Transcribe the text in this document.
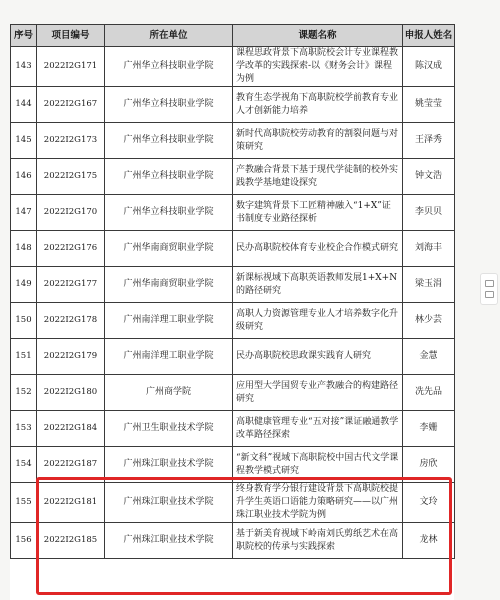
序号	项目编号	所在单位	课题名称	申报人姓名
143	2022I2G171	广州华立科技职业学院	课程思政背景下高职院校会计专业课程教学改革的实践探索-以《财务会计》课程为例	陈汉成
144	2022I2G167	广州华立科技职业学院	教育生态学视角下高职院校学前教育专业人才创新能力培养	姚莹莹
145	2022I2G173	广州华立科技职业学院	新时代高职院校劳动教育的割裂问题与对策研究	王泽秀
146	2022I2G175	广州华立科技职业学院	产教融合背景下基于现代学徒制的校外实践教学基地建设探究	钟文浩
147	2022I2G170	广州华立科技职业学院	数字建筑背景下工匠精神融入“1+X”证书制度专业路径探析	李贝贝
148	2022I2G176	广州华南商贸职业学院	民办高职院校体育专业校企合作模式研究	刘海丰
149	2022I2G177	广州华南商贸职业学院	新课标视域下高职英语教师发展1+X+N的路径研究	梁玉涓
150	2022I2G178	广州南洋理工职业学院	高职人力资源管理专业人才培养数字化升级研究	林少芸
151	2022I2G179	广州南洋理工职业学院	民办高职院校思政课实践育人研究	金慧
152	2022I2G180	广州商学院	应用型大学国贸专业产教融合的构建路径研究	冼先品
153	2022I2G184	广州卫生职业技术学院	高职健康管理专业“五对接”课证融通教学改革路径探索	李姗
154	2022I2G187	广州珠江职业技术学院	“新文科”视域下高职院校中国古代文学课程教学模式研究	房欣
155	2022I2G181	广州珠江职业技术学院	终身教育学分银行建设背景下高职院校提升学生英语口语能力策略研究——以广州珠江职业技术学院为例	文玲
156	2022I2G185	广州珠江职业技术学院	基于新美育视域下岭南刘氏剪纸艺术在高职院校的传承与实践探索	龙林
